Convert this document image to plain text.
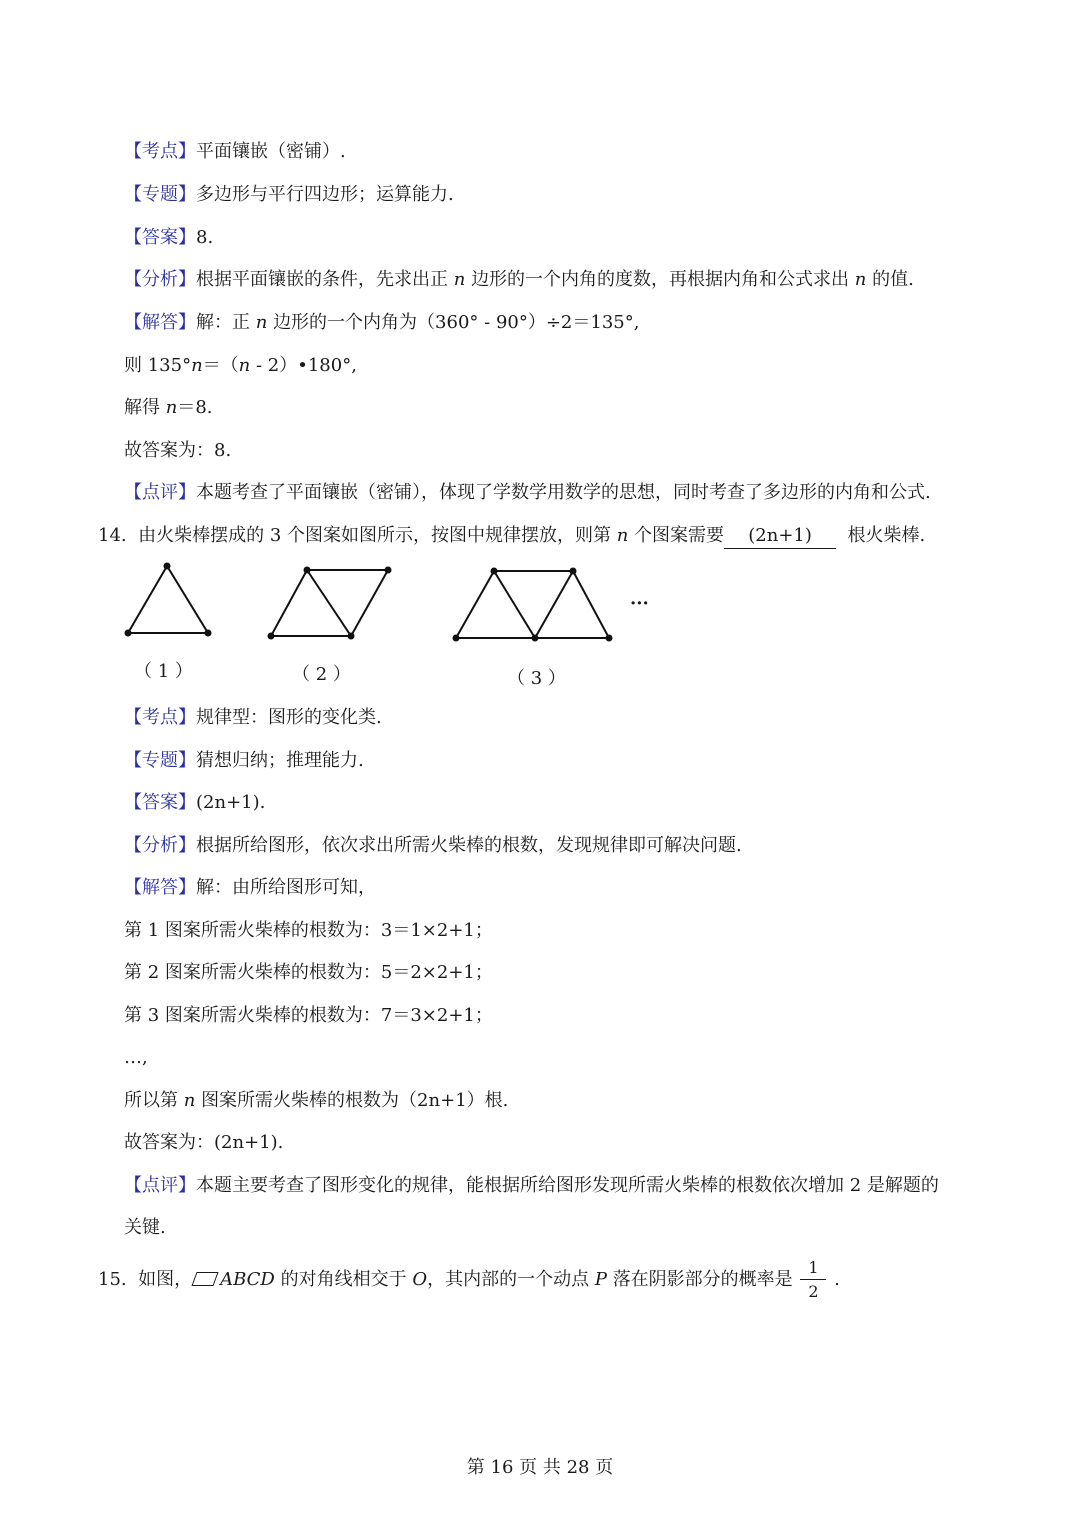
【考点】平面镶嵌（密铺）.
【专题】多边形与平行四边形；运算能力.
【答案】8.
【分析】根据平面镶嵌的条件，先求出正 n 边形的一个内角的度数，再根据内角和公式求出 n 的值.
【解答】解：正 n 边形的一个内角为（360° - 90°）÷2＝135°,
则 135°n＝（n - 2）•180°,
解得 n＝8.
故答案为：8.
【点评】本题考查了平面镶嵌（密铺），体现了学数学用数学的思想，同时考查了多边形的内角和公式.
14. 由火柴棒摆成的 3 个图案如图所示，按图中规律摆放，则第 n 个图案需要 (2n+1) 根火柴棒.
···
（ 1 ）	（ 2 ）	（ 3 ）
【考点】规律型：图形的变化类.
【专题】猜想归纳；推理能力.
【答案】(2n+1).
【分析】根据所给图形，依次求出所需火柴棒的根数，发现规律即可解决问题.
【解答】解：由所给图形可知，
第 1 图案所需火柴棒的根数为：3＝1×2+1；
第 2 图案所需火柴棒的根数为：5＝2×2+1；
第 3 图案所需火柴棒的根数为：7＝3×2+1；
…,
所以第 n 图案所需火柴棒的根数为（2n+1）根.
故答案为：(2n+1).
【点评】本题主要考查了图形变化的规律，能根据所给图形发现所需火柴棒的根数依次增加 2 是解题的
关键.
15. 如图， ABCD 的对角线相交于 O，其内部的一个动点 P 落在阴影部分的概率是 $\frac{1}{2}$ .
第 16 页 共 28 页
